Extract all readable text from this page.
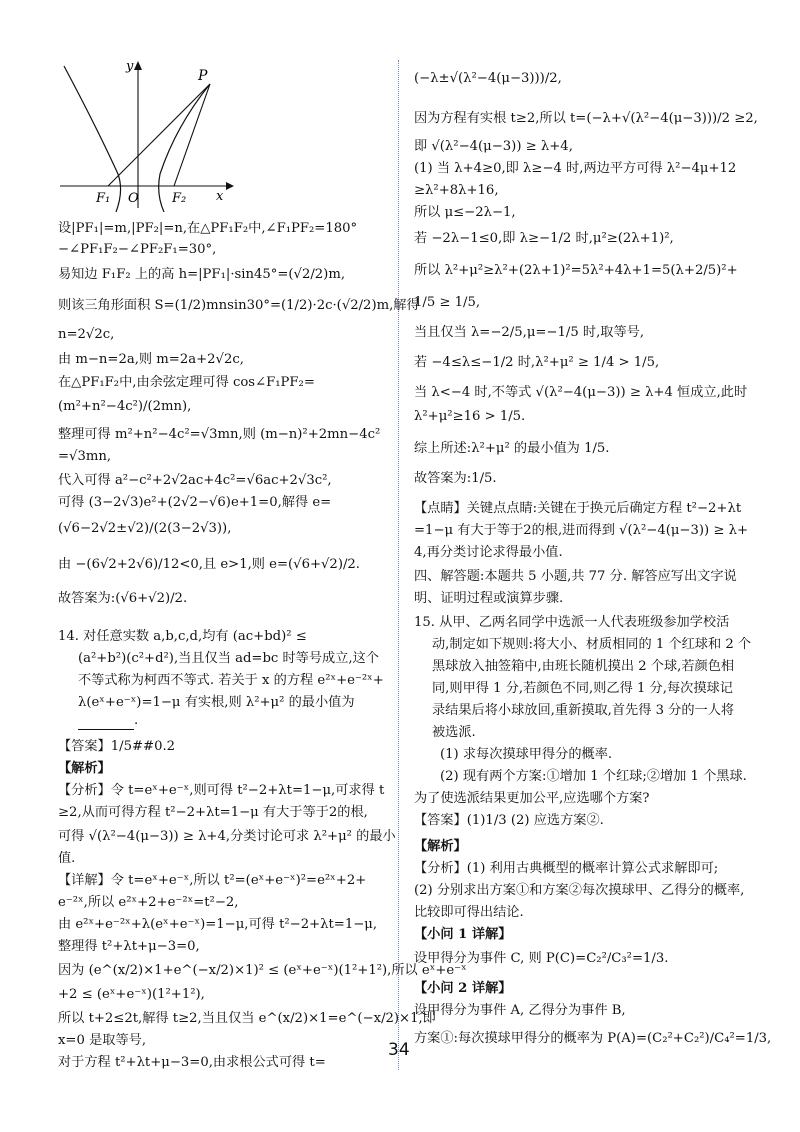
P
y
x
F₁ O	F₂
设|PF₁|=m,|PF₂|=n,在△PF₁F₂中,∠F₁PF₂=180°
−∠PF₁F₂−∠PF₂F₁=30°,
易知边 F₁F₂ 上的高 h=|PF₁|·sin45°=(√2/2)m,
则该三角形面积 S=(1/2)mnsin30°=(1/2)·2c·(√2/2)m,解得
n=2√2c,
由 m−n=2a,则 m=2a+2√2c,
在△PF₁F₂中,由余弦定理可得 cos∠F₁PF₂=
(m²+n²−4c²)/(2mn),
整理可得 m²+n²−4c²=√3mn,则 (m−n)²+2mn−4c²
=√3mn,
代入可得 a²−c²+2√2ac+4c²=√6ac+2√3c²,
可得 (3−2√3)e²+(2√2−√6)e+1=0,解得 e=
(√6−2√2±√2)/(2(3−2√3)),
由 −(6√2+2√6)/12<0,且 e>1,则 e=(√6+√2)/2.
故答案为:(√6+√2)/2.
14. 对任意实数 a,b,c,d,均有 (ac+bd)² ≤
(a²+b²)(c²+d²),当且仅当 ad=bc 时等号成立,这个
不等式称为柯西不等式. 若关于 x 的方程 e²ˣ+e⁻²ˣ+
λ(eˣ+e⁻ˣ)=1−μ 有实根,则 λ²+μ² 的最小值为
.
【答案】1/5##0.2
【解析】
【分析】令 t=eˣ+e⁻ˣ,则可得 t²−2+λt=1−μ,可求得 t
≥2,从而可得方程 t²−2+λt=1−μ 有大于等于2的根,
可得 √(λ²−4(μ−3)) ≥ λ+4,分类讨论可求 λ²+μ² 的最小
值.
【详解】令 t=eˣ+e⁻ˣ,所以 t²=(eˣ+e⁻ˣ)²=e²ˣ+2+
e⁻²ˣ,所以 e²ˣ+2+e⁻²ˣ=t²−2,
由 e²ˣ+e⁻²ˣ+λ(eˣ+e⁻ˣ)=1−μ,可得 t²−2+λt=1−μ,
整理得 t²+λt+μ−3=0,
因为 (e^(x/2)×1+e^(−x/2)×1)² ≤ (eˣ+e⁻ˣ)(1²+1²),所以 eˣ+e⁻ˣ
+2 ≤ (eˣ+e⁻ˣ)(1²+1²),
所以 t+2≤2t,解得 t≥2,当且仅当 e^(x/2)×1=e^(−x/2)×1,即
x=0 是取等号,
对于方程 t²+λt+μ−3=0,由求根公式可得 t=
(−λ±√(λ²−4(μ−3)))/2,
因为方程有实根 t≥2,所以 t=(−λ+√(λ²−4(μ−3)))/2 ≥2,
即 √(λ²−4(μ−3)) ≥ λ+4,
(1) 当 λ+4≥0,即 λ≥−4 时,两边平方可得 λ²−4μ+12
≥λ²+8λ+16,
所以 μ≤−2λ−1,
若 −2λ−1≤0,即 λ≥−1/2 时,μ²≥(2λ+1)²,
所以 λ²+μ²≥λ²+(2λ+1)²=5λ²+4λ+1=5(λ+2/5)²+
1/5 ≥ 1/5,
当且仅当 λ=−2/5,μ=−1/5 时,取等号,
若 −4≤λ≤−1/2 时,λ²+μ² ≥ 1/4 > 1/5,
当 λ<−4 时,不等式 √(λ²−4(μ−3)) ≥ λ+4 恒成立,此时
λ²+μ²≥16 > 1/5.
综上所述:λ²+μ² 的最小值为 1/5.
故答案为:1/5.
【点睛】关键点点睛:关键在于换元后确定方程 t²−2+λt
=1−μ 有大于等于2的根,进而得到 √(λ²−4(μ−3)) ≥ λ+
4,再分类讨论求得最小值.
四、解答题:本题共 5 小题,共 77 分. 解答应写出文字说
明、证明过程或演算步骤.
15. 从甲、乙两名同学中选派一人代表班级参加学校活
动,制定如下规则:将大小、材质相同的 1 个红球和 2 个
黑球放入抽签箱中,由班长随机摸出 2 个球,若颜色相
同,则甲得 1 分,若颜色不同,则乙得 1 分,每次摸球记
录结果后将小球放回,重新摸取,首先得 3 分的一人将
被选派.
(1) 求每次摸球甲得分的概率.
(2) 现有两个方案:①增加 1 个红球;②增加 1 个黑球.
为了使选派结果更加公平,应选哪个方案?
【答案】(1)1/3 (2) 应选方案②.
【解析】
【分析】(1) 利用古典概型的概率计算公式求解即可;
(2) 分别求出方案①和方案②每次摸球甲、乙得分的概率,
比较即可得出结论.
【小问 1 详解】
设甲得分为事件 C, 则 P(C)=C₂²/C₃²=1/3.
【小问 2 详解】
设甲得分为事件 A, 乙得分为事件 B,
方案①:每次摸球甲得分的概率为 P(A)=(C₂²+C₂²)/C₄²=1/3,
34
